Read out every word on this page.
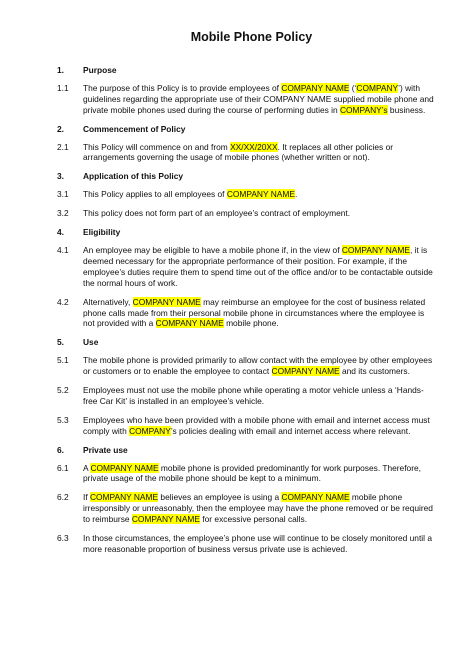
Mobile Phone Policy
1.	Purpose
1.1	The purpose of this Policy is to provide employees of COMPANY NAME (‘COMPANY’) with guidelines regarding the appropriate use of their COMPANY NAME supplied mobile phone and private mobile phones used during the course of performing duties in COMPANY’s business.
2.	Commencement of Policy
2.1	This Policy will commence on and from XX/XX/20XX. It replaces all other policies or arrangements governing the usage of mobile phones (whether written or not).
3.	Application of this Policy
3.1	This Policy applies to all employees of COMPANY NAME.
3.2	This policy does not form part of an employee’s contract of employment.
4.	Eligibility
4.1	An employee may be eligible to have a mobile phone if, in the view of COMPANY NAME, it is deemed necessary for the appropriate performance of their position. For example, if the employee’s duties require them to spend time out of the office and/or to be contactable outside the normal hours of work.
4.2	Alternatively, COMPANY NAME may reimburse an employee for the cost of business related phone calls made from their personal mobile phone in circumstances where the employee is not provided with a COMPANY NAME mobile phone.
5.	Use
5.1	The mobile phone is provided primarily to allow contact with the employee by other employees or customers or to enable the employee to contact COMPANY NAME and its customers.
5.2	Employees must not use the mobile phone while operating a motor vehicle unless a ‘Hands-free Car Kit’ is installed in an employee’s vehicle.
5.3	Employees who have been provided with a mobile phone with email and internet access must comply with COMPANY’s policies dealing with email and internet access where relevant.
6.	Private use
6.1	A COMPANY NAME mobile phone is provided predominantly for work purposes. Therefore, private usage of the mobile phone should be kept to a minimum.
6.2	If COMPANY NAME believes an employee is using a COMPANY NAME mobile phone irresponsibly or unreasonably, then the employee may have the phone removed or be required to reimburse COMPANY NAME for excessive personal calls.
6.3	In those circumstances, the employee’s phone use will continue to be closely monitored until a more reasonable proportion of business versus private use is achieved.
